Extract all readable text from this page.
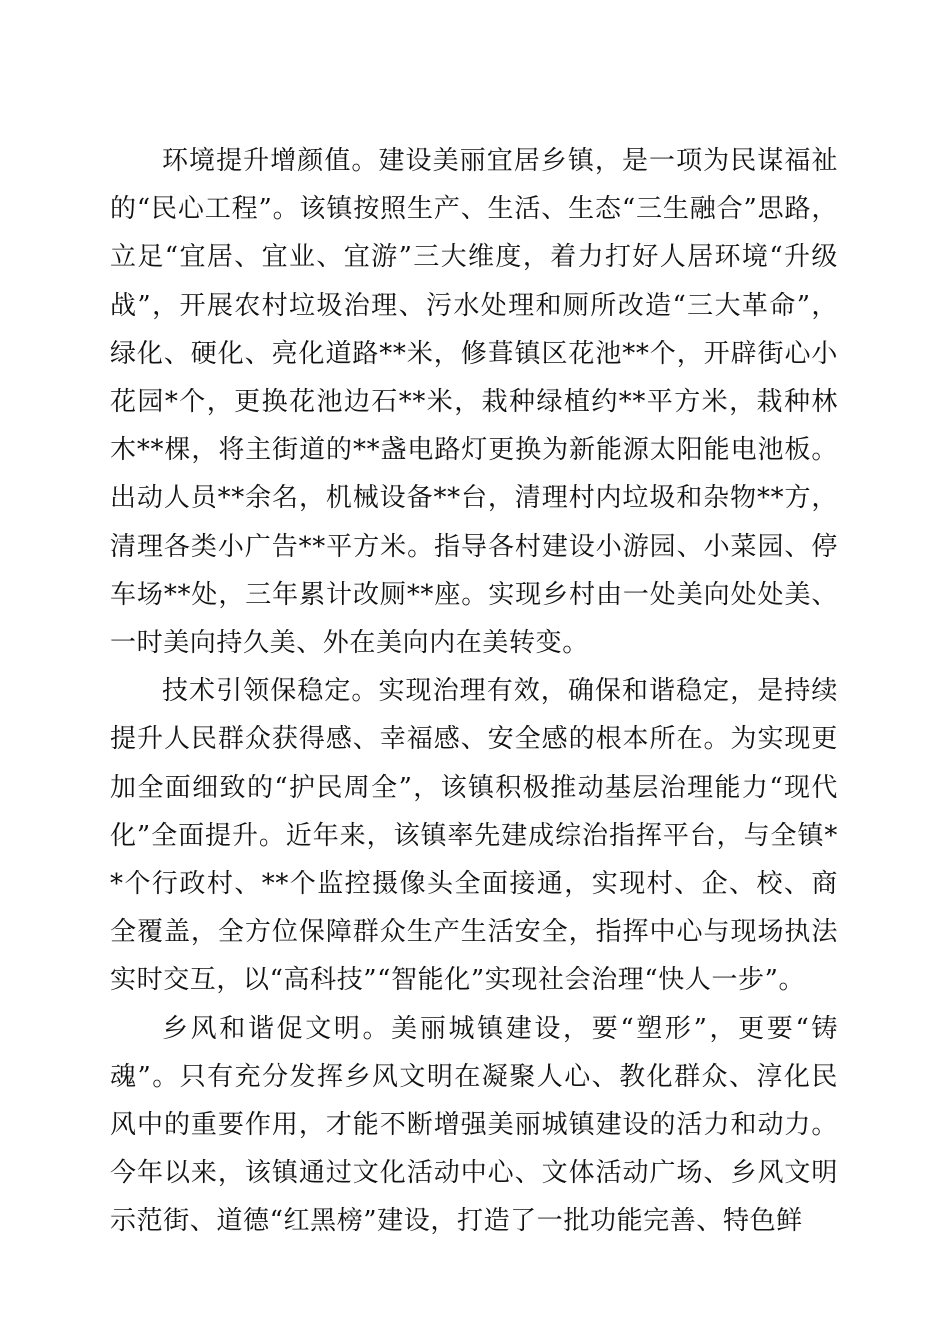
环境提升增颜值。建设美丽宜居乡镇，是一项为民谋福祉的“民心工程”。该镇按照生产、生活、生态“三生融合”思路，立足“宜居、宜业、宜游”三大维度，着力打好人居环境“升级战”，开展农村垃圾治理、污水处理和厕所改造“三大革命”，绿化、硬化、亮化道路**米，修葺镇区花池**个，开辟街心小花园*个，更换花池边石**米，栽种绿植约**平方米，栽种林木**棵，将主街道的**盏电路灯更换为新能源太阳能电池板。出动人员**余名，机械设备**台，清理村内垃圾和杂物**方，清理各类小广告**平方米。指导各村建设小游园、小菜园、停车场**处，三年累计改厕**座。实现乡村由一处美向处处美、一时美向持久美、外在美向内在美转变。

技术引领保稳定。实现治理有效，确保和谐稳定，是持续提升人民群众获得感、幸福感、安全感的根本所在。为实现更加全面细致的“护民周全”，该镇积极推动基层治理能力“现代化”全面提升。近年来，该镇率先建成综治指挥平台，与全镇**个行政村、**个监控摄像头全面接通，实现村、企、校、商全覆盖，全方位保障群众生产生活安全，指挥中心与现场执法实时交互，以“高科技”“智能化”实现社会治理“快人一步”。

乡风和谐促文明。美丽城镇建设，要“塑形”，更要“铸魂”。只有充分发挥乡风文明在凝聚人心、教化群众、淳化民风中的重要作用，才能不断增强美丽城镇建设的活力和动力。今年以来，该镇通过文化活动中心、文体活动广场、乡风文明示范街、道德“红黑榜”建设，打造了一批功能完善、特色鲜
